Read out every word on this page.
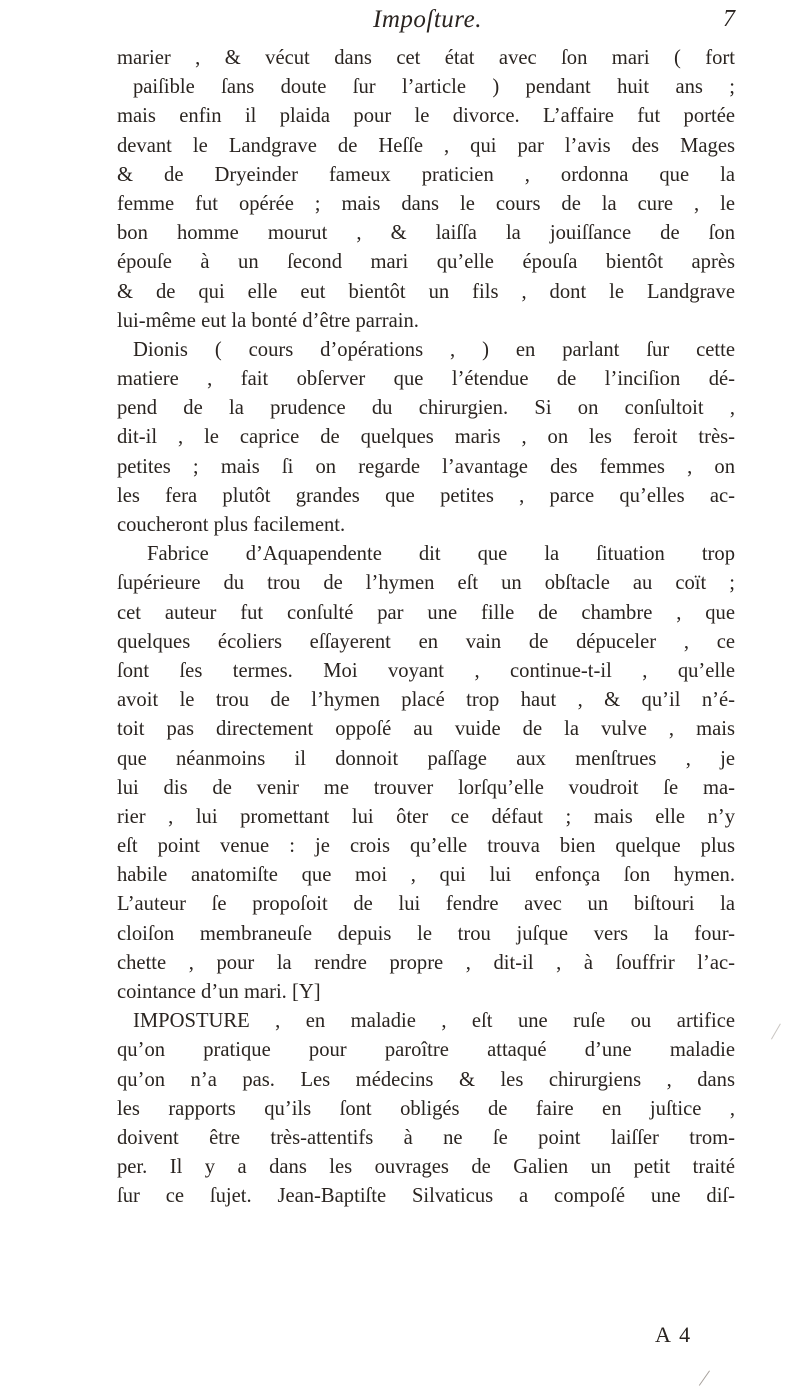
Impoſture.	7
marier , & vécut dans cet état avec ſon mari ( fort
paiſible ſans doute ſur l’article ) pendant huit ans ;
mais enfin il plaida pour le divorce. L’affaire fut portée
devant le Landgrave de Heſſe , qui par l’avis des Mages
& de Dryeinder fameux praticien , ordonna que la
femme fut opérée ; mais dans le cours de la cure , le
bon homme mourut , & laiſſa la jouiſſance de ſon
épouſe à un ſecond mari qu’elle épouſa bientôt après
& de qui elle eut bientôt un fils , dont le Landgrave
lui-même eut la bonté d’être parrain.
Dionis ( cours d’opérations , ) en parlant ſur cette
matiere , fait obſerver que l’étendue de l’inciſion dé-
pend de la prudence du chirurgien. Si on conſultoit ,
dit-il , le caprice de quelques maris , on les feroit très-
petites ; mais ſi on regarde l’avantage des femmes , on
les fera plutôt grandes que petites , parce qu’elles ac-
coucheront plus facilement.
Fabrice d’Aquapendente dit que la ſituation trop
ſupérieure du trou de l’hymen eſt un obſtacle au coït ;
cet auteur fut conſulté par une fille de chambre , que
quelques écoliers eſſayerent en vain de dépuceler , ce
ſont ſes termes. Moi voyant , continue-t-il , qu’elle
avoit le trou de l’hymen placé trop haut , & qu’il n’é-
toit pas directement oppoſé au vuide de la vulve , mais
que néanmoins il donnoit paſſage aux menſtrues , je
lui dis de venir me trouver lorſqu’elle voudroit ſe ma-
rier , lui promettant lui ôter ce défaut ; mais elle n’y
eſt point venue : je crois qu’elle trouva bien quelque plus
habile anatomiſte que moi , qui lui enfonça ſon hymen.
L’auteur ſe propoſoit de lui fendre avec un biſtouri la
cloiſon membraneuſe depuis le trou juſque vers la four-
chette , pour la rendre propre , dit-il , à ſouffrir l’ac-
cointance d’un mari. [Y]
IMPOSTURE , en maladie , eſt une ruſe ou artifice
qu’on pratique pour paroître attaqué d’une maladie
qu’on n’a pas. Les médecins & les chirurgiens , dans
les rapports qu’ils ſont obligés de faire en juſtice ,
doivent être très-attentifs à ne ſe point laiſſer trom-
per. Il y a dans les ouvrages de Galien un petit traité
ſur ce ſujet. Jean-Baptiſte Silvaticus a compoſé une diſ-
A 4
